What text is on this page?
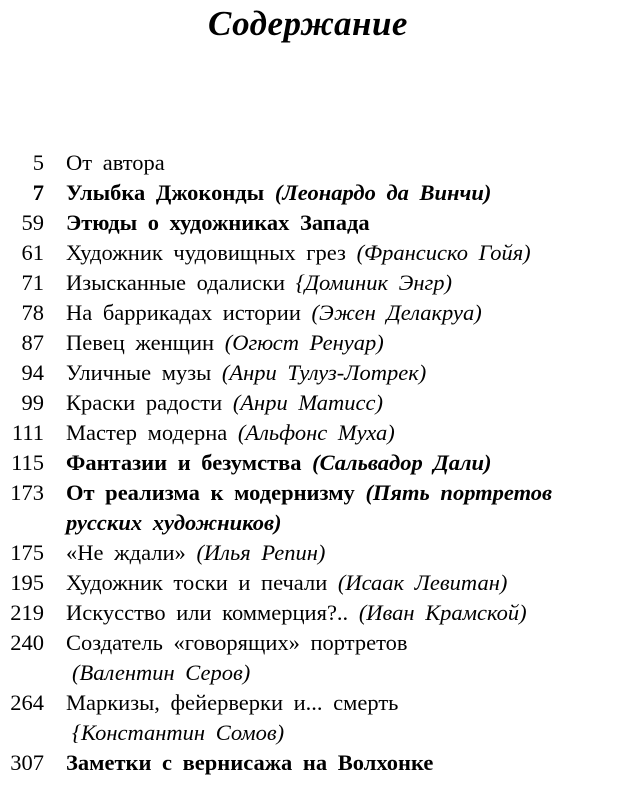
Содержание
5 От автора
7 Улыбка Джоконды (Леонардо да Винчи)
59 Этюды о художниках Запада
61 Художник чудовищных грез (Франсиско Гойя)
71 Изысканные одалиски {Доминик Энгр)
78 На баррикадах истории (Эжен Делакруа)
87 Певец женщин (Огюст Ренуар)
94 Уличные музы (Анри Тулуз-Лотрек)
99 Краски радости (Анри Матисс)
111 Мастер модерна (Альфонс Муха)
115 Фантазии и безумства (Сальвадор Дали)
173 От реализма к модернизму (Пять портретов
русских художников)
175 «Не ждали» (Илья Репин)
195 Художник тоски и печали (Исаак Левитан)
219 Искусство или коммерция?.. (Иван Крамской)
240 Создатель «говорящих» портретов
(Валентин Серов)
264 Маркизы, фейерверки и... смерть
{Константин Сомов)
307 Заметки с вернисажа на Волхонке
